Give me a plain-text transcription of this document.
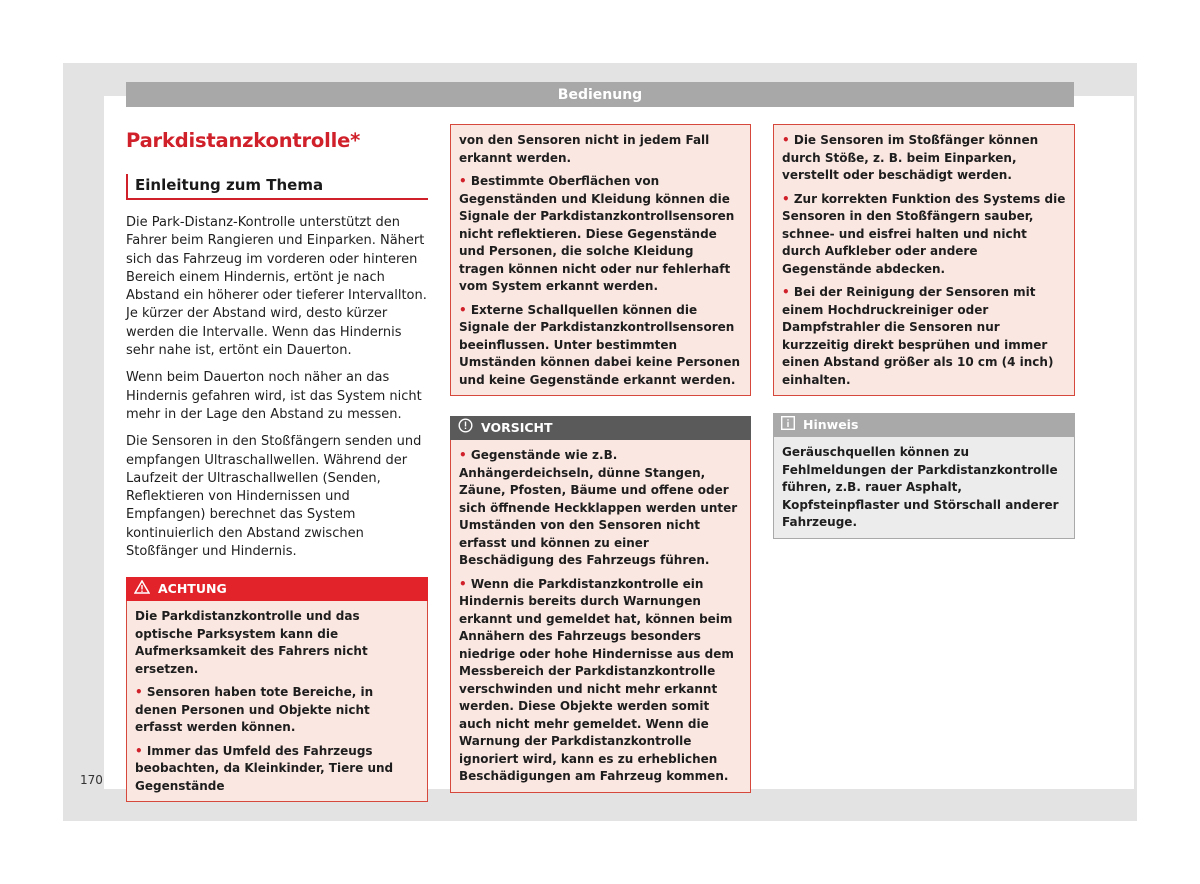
Bedienung
Parkdistanzkontrolle*
Einleitung zum Thema

Die Park-Distanz-Kontrolle unterstützt den Fahrer beim Rangieren und Einparken. Nähert sich das Fahrzeug im vorderen oder hinteren Bereich einem Hindernis, ertönt je nach Abstand ein höherer oder tieferer Intervallton. Je kürzer der Abstand wird, desto kürzer werden die Intervalle. Wenn das Hindernis sehr nahe ist, ertönt ein Dauerton.

Wenn beim Dauerton noch näher an das Hindernis gefahren wird, ist das System nicht mehr in der Lage den Abstand zu messen.

Die Sensoren in den Stoßfängern senden und empfangen Ultraschallwellen. Während der Laufzeit der Ultraschallwellen (Senden, Reflektieren von Hindernissen und Empfangen) berechnet das System kontinuierlich den Abstand zwischen Stoßfänger und Hindernis.

ACHTUNG

Die Parkdistanzkontrolle und das optische Parksystem kann die Aufmerksamkeit des Fahrers nicht ersetzen.

• Sensoren haben tote Bereiche, in denen Personen und Objekte nicht erfasst werden können.

• Immer das Umfeld des Fahrzeugs beobachten, da Kleinkinder, Tiere und Gegenstände

von den Sensoren nicht in jedem Fall erkannt werden.

• Bestimmte Oberflächen von Gegenständen und Kleidung können die Signale der Parkdistanzkontrollsensoren nicht reflektieren. Diese Gegenstände und Personen, die solche Kleidung tragen können nicht oder nur fehlerhaft vom System erkannt werden.

• Externe Schallquellen können die Signale der Parkdistanzkontrollsensoren beeinflussen. Unter bestimmten Umständen können dabei keine Personen und keine Gegenstände erkannt werden.

VORSICHT

• Gegenstände wie z.B. Anhängerdeichseln, dünne Stangen, Zäune, Pfosten, Bäume und offene oder sich öffnende Heckklappen werden unter Umständen von den Sensoren nicht erfasst und können zu einer Beschädigung des Fahrzeugs führen.

• Wenn die Parkdistanzkontrolle ein Hindernis bereits durch Warnungen erkannt und gemeldet hat, können beim Annähern des Fahrzeugs besonders niedrige oder hohe Hindernisse aus dem Messbereich der Parkdistanzkontrolle verschwinden und nicht mehr erkannt werden. Diese Objekte werden somit auch nicht mehr gemeldet. Wenn die Warnung der Parkdistanzkontrolle ignoriert wird, kann es zu erheblichen Beschädigungen am Fahrzeug kommen.

• Die Sensoren im Stoßfänger können durch Stöße, z. B. beim Einparken, verstellt oder beschädigt werden.

• Zur korrekten Funktion des Systems die Sensoren in den Stoßfängern sauber, schnee- und eisfrei halten und nicht durch Aufkleber oder andere Gegenstände abdecken.

• Bei der Reinigung der Sensoren mit einem Hochdruckreiniger oder Dampfstrahler die Sensoren nur kurzzeitig direkt besprühen und immer einen Abstand größer als 10 cm (4 inch) einhalten.

Hinweis
Geräuschquellen können zu Fehlmeldungen der Parkdistanzkontrolle führen, z.B. rauer Asphalt, Kopfsteinpflaster und Störschall anderer Fahrzeuge.
170
